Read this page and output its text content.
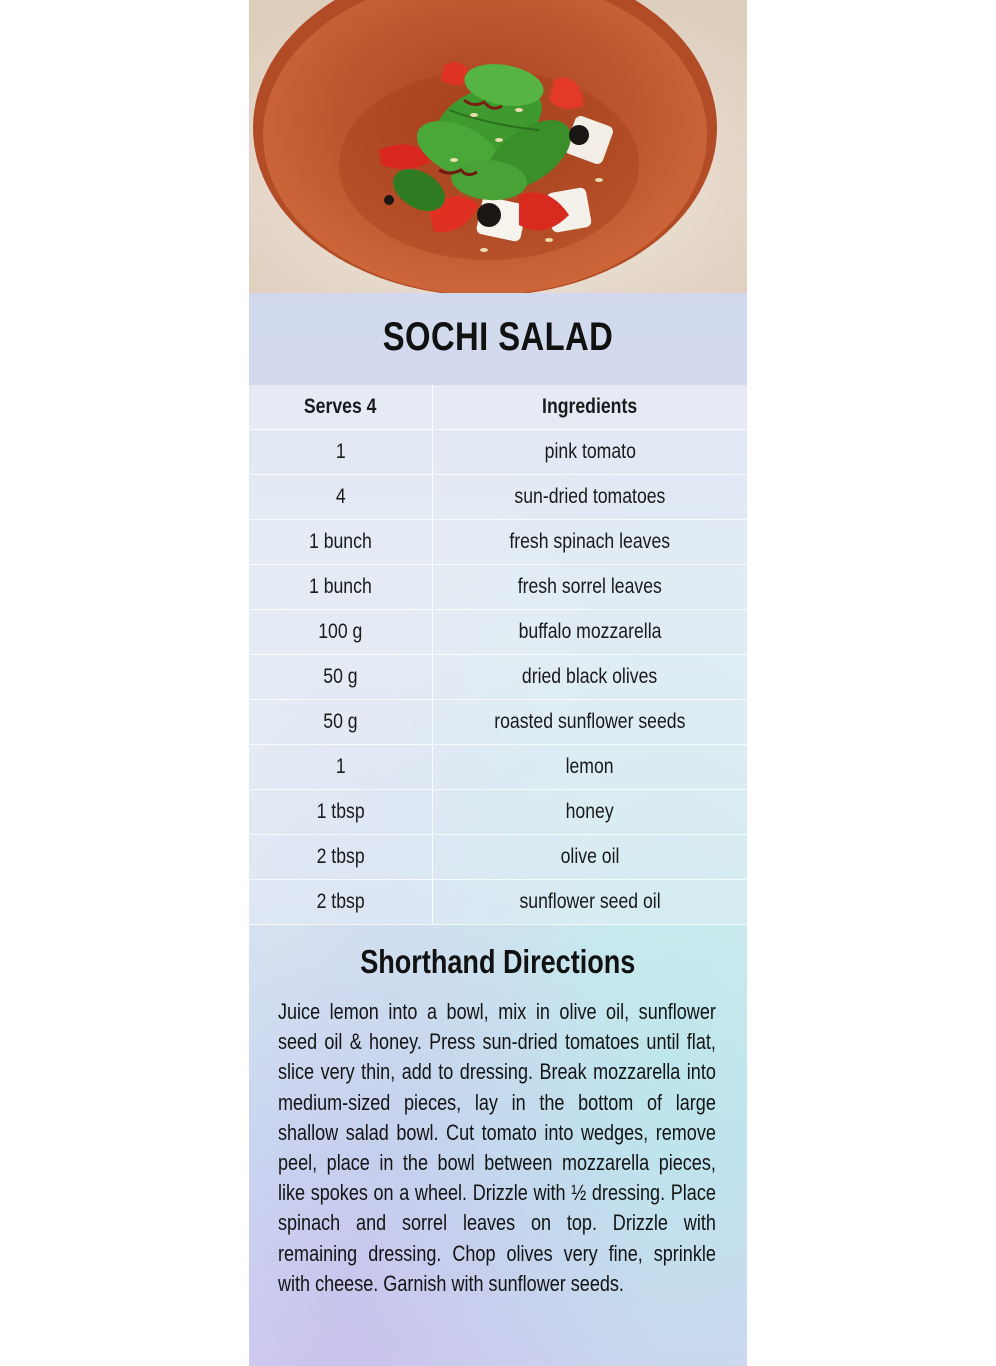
SOCHI SALAD
Serves 4	Ingredients
1	pink tomato
4	sun-dried tomatoes
1 bunch	fresh spinach leaves
1 bunch	fresh sorrel leaves
100 g	buffalo mozzarella
50 g	dried black olives
50 g	roasted sunflower seeds
1	lemon
1 tbsp	honey
2 tbsp	olive oil
2 tbsp	sunflower seed oil
Shorthand Directions

Juice lemon into a bowl, mix in olive oil, sunflower seed oil & honey. Press sun-dried tomatoes until flat, slice very thin, add to dressing. Break mozzarella into medium-sized pieces, lay in the bottom of large shallow salad bowl. Cut tomato into wedges, remove peel, place in the bowl between mozzarella pieces, like spokes on a wheel. Drizzle with ½ dressing. Place spinach and sorrel leaves on top. Drizzle with remaining dressing. Chop olives very fine, sprinkle with cheese. Garnish with sunflower seeds.
